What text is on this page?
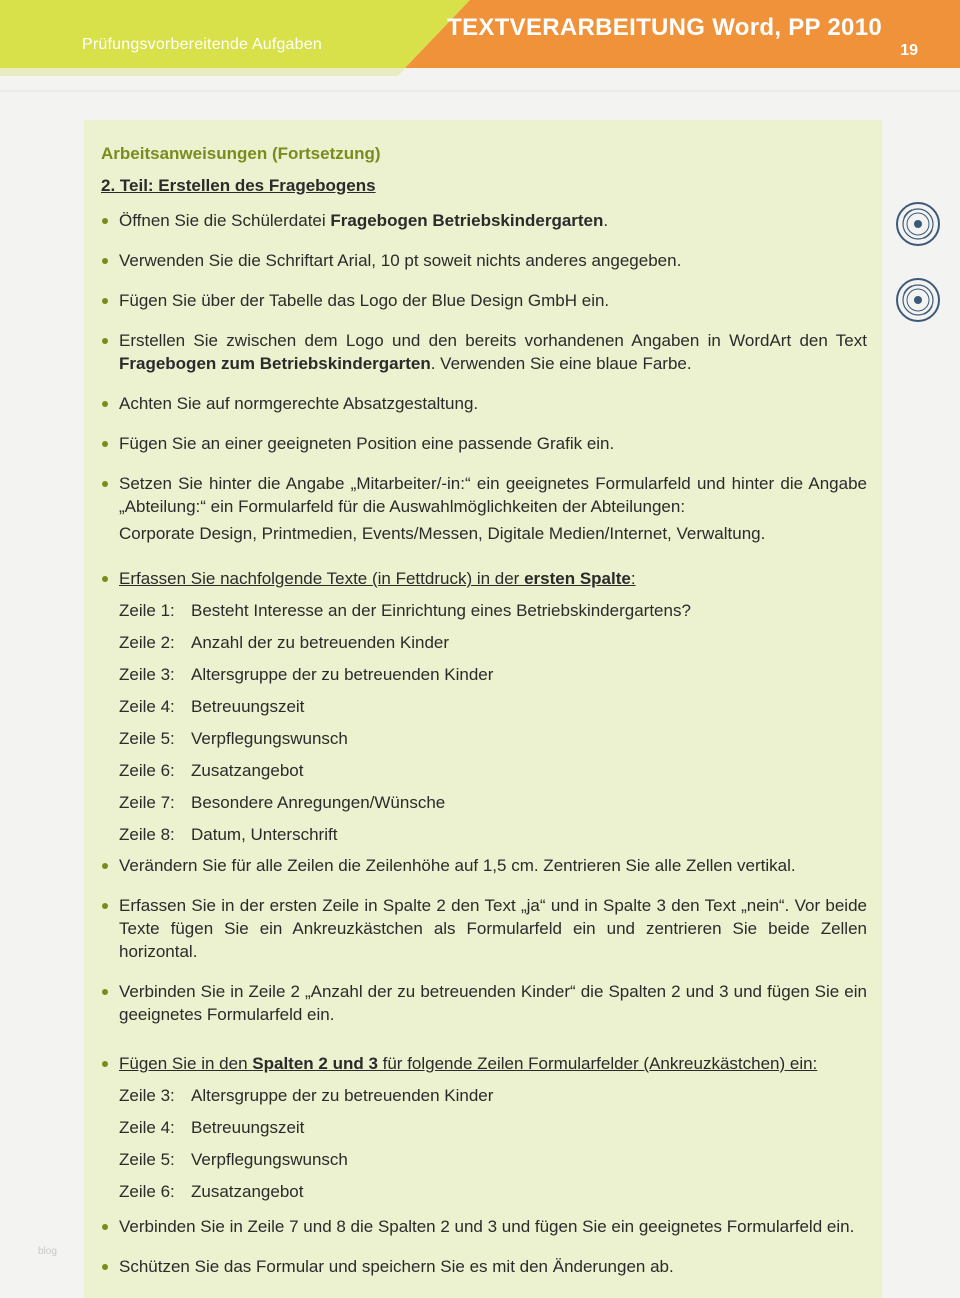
Prüfungsvorbereitende Aufgaben
TEXTVERARBEITUNG Word, PP 2010
19
Arbeitsanweisungen (Fortsetzung)
2. Teil: Erstellen des Fragebogens
Öffnen Sie die Schülerdatei Fragebogen Betriebskindergarten.
Verwenden Sie die Schriftart Arial, 10 pt soweit nichts anderes angegeben.
Fügen Sie über der Tabelle das Logo der Blue Design GmbH ein.
Erstellen Sie zwischen dem Logo und den bereits vorhandenen Angaben in WordArt den Text Fragebogen zum Betriebskindergarten. Verwenden Sie eine blaue Farbe.
Achten Sie auf normgerechte Absatzgestaltung.
Fügen Sie an einer geeigneten Position eine passende Grafik ein.
Setzen Sie hinter die Angabe „Mitarbeiter/-in:“ ein geeignetes Formularfeld und hinter die Angabe „Abteilung:“ ein Formularfeld für die Auswahlmöglichkeiten der Abteilungen:
Corporate Design, Printmedien, Events/Messen, Digitale Medien/Internet, Verwaltung.
Erfassen Sie nachfolgende Texte (in Fettdruck) in der ersten Spalte:
Zeile 1: Besteht Interesse an der Einrichtung eines Betriebskindergartens?
Zeile 2: Anzahl der zu betreuenden Kinder
Zeile 3: Altersgruppe der zu betreuenden Kinder
Zeile 4: Betreuungszeit
Zeile 5: Verpflegungswunsch
Zeile 6: Zusatzangebot
Zeile 7: Besondere Anregungen/Wünsche
Zeile 8: Datum, Unterschrift
Verändern Sie für alle Zeilen die Zeilenhöhe auf 1,5 cm. Zentrieren Sie alle Zellen vertikal.
Erfassen Sie in der ersten Zeile in Spalte 2 den Text „ja“ und in Spalte 3 den Text „nein“. Vor beide Texte fügen Sie ein Ankreuzkästchen als Formularfeld ein und zentrieren Sie beide Zellen horizontal.
Verbinden Sie in Zeile 2 „Anzahl der zu betreuenden Kinder“ die Spalten 2 und 3 und fügen Sie ein geeignetes Formularfeld ein.
Fügen Sie in den Spalten 2 und 3 für folgende Zeilen Formularfelder (Ankreuzkästchen) ein:
Zeile 3: Altersgruppe der zu betreuenden Kinder
Zeile 4: Betreuungszeit
Zeile 5: Verpflegungswunsch
Zeile 6: Zusatzangebot
Verbinden Sie in Zeile 7 und 8 die Spalten 2 und 3 und fügen Sie ein geeignetes Formularfeld ein.
Schützen Sie das Formular und speichern Sie es mit den Änderungen ab.
blog
